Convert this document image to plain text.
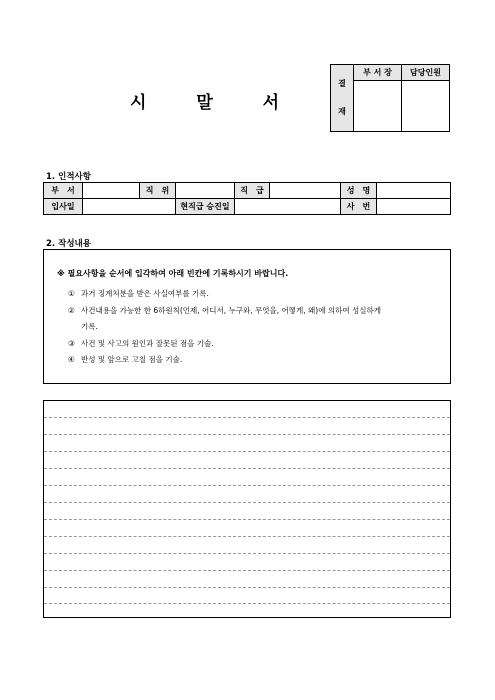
시 말 서
결

재	부 서 장	담당인원

1. 인적사항
부　서		직　위		직　급		성　명	
입사일			현직급 승진일			사　번	
2. 작성내용
※ 필요사항을 순서에 입각하여 아래 빈칸에 기록하시기 바랍니다.
① 과거 징계처분을 받은 사실여부를 기록.
② 사건내용을 가능한 한 6하원칙(언제, 어디서, 누구와, 무엇을, 어떻게, 왜)에 의하여 성실하게
기록.
③ 사건 및 사고의 원인과 잘못된 점을 기술.
④ 반성 및 앞으로 고칠 점을 기술.
